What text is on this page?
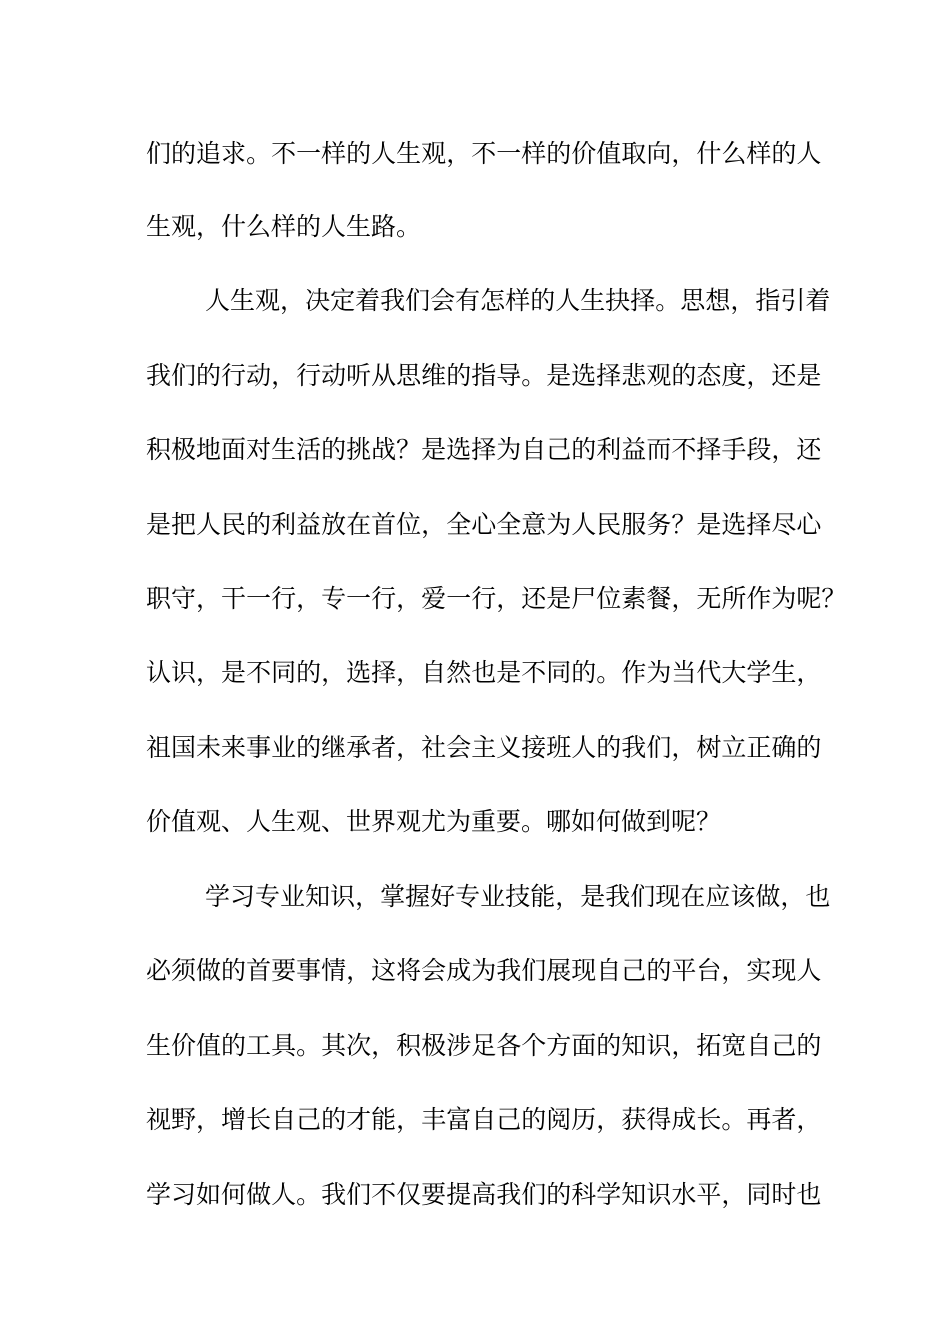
们 的 追 求 。 不 一 样 的 人 生 观 ， 不 一 样 的 价 值 取 向 ， 什 么 样 的 人
生观，什么样的人生路。
人 生 观 ， 决 定 着 我 们 会 有 怎 样 的 人 生 抉 择 。 思 想 ， 指 引 着
我 们 的 行 动 ， 行 动 听 从 思 维 的 指 导 。 是 选 择 悲 观 的 态 度 ， 还 是
积 极 地 面 对 生 活 的 挑 战 ？ 是 选 择 为 自 己 的 利 益 而 不 择 手 段 ， 还
是 把 人 民 的 利 益 放 在 首 位 ， 全 心 全 意 为 人 民 服 务 ？ 是 选 择 尽 心
职 守 ， 干 一 行 ， 专 一 行 ， 爱 一 行 ， 还 是 尸 位 素 餐 ， 无 所 作 为 呢 ？
认 识 ， 是 不 同 的 ， 选 择 ， 自 然 也 是 不 同 的 。 作 为 当 代 大 学 生 ，
祖 国 未 来 事 业 的 继 承 者 ， 社 会 主 义 接 班 人 的 我 们 ， 树 立 正 确 的
价值观、人生观、世界观尤为重要。哪如何做到呢？
学 习 专 业 知 识 ， 掌 握 好 专 业 技 能 ， 是 我 们 现 在 应 该 做 ， 也
必 须 做 的 首 要 事 情 ， 这 将 会 成 为 我 们 展 现 自 己 的 平 台 ， 实 现 人
生 价 值 的 工 具 。 其 次 ， 积 极 涉 足 各 个 方 面 的 知 识 ， 拓 宽 自 己 的
视 野 ， 增 长 自 己 的 才 能 ， 丰 富 自 己 的 阅 历 ， 获 得 成 长 。 再 者 ，
学 习 如 何 做 人 。 我 们 不 仅 要 提 高 我 们 的 科 学 知 识 水 平 ， 同 时 也
